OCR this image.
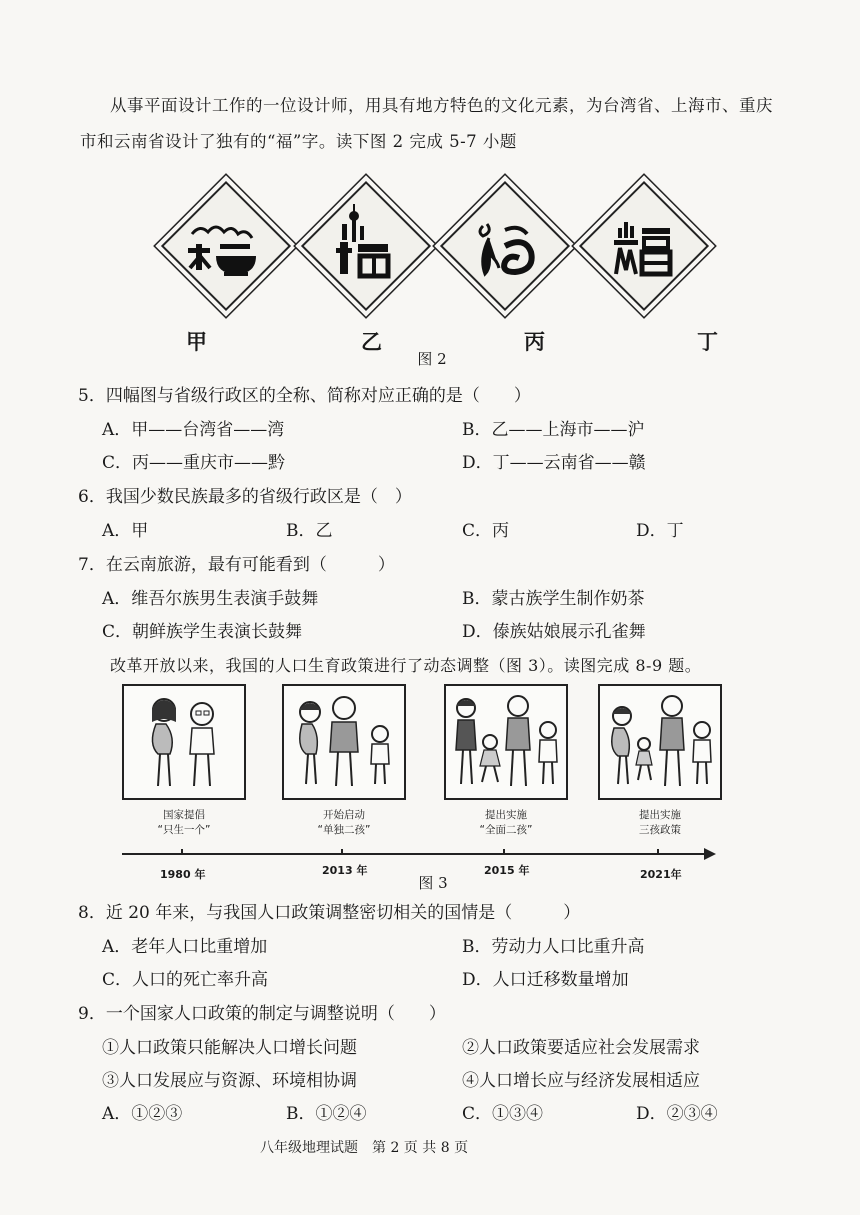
从事平面设计工作的一位设计师，用具有地方特色的文化元素，为台湾省、上海市、重庆
市和云南省设计了独有的“福”字。读下图 2 完成 5-7 小题
甲	乙	丙	丁
图 2
5．四幅图与省级行政区的全称、简称对应正确的是（　　）
A．甲——台湾省——湾	B．乙——上海市——沪
C．丙——重庆市——黔	D．丁——云南省——赣
6．我国少数民族最多的省级行政区是（　）
A．甲	B．乙	C．丙	D．丁
7．在云南旅游，最有可能看到（　　　）
A．维吾尔族男生表演手鼓舞	B．蒙古族学生制作奶茶
C．朝鲜族学生表演长鼓舞	D．傣族姑娘展示孔雀舞
改革开放以来，我国的人口生育政策进行了动态调整（图 3）。读图完成 8-9 题。
国家提倡
“只生一个”
开始启动
“单独二孩”
提出实施
“全面二孩”
提出实施
三孩政策
1980 年	2013 年	2015 年	2021年
图 3
8．近 20 年来，与我国人口政策调整密切相关的国情是（　　　）
A．老年人口比重增加	B．劳动力人口比重升高
C．人口的死亡率升高	D．人口迁移数量增加
9．一个国家人口政策的制定与调整说明（　　）
①人口政策只能解决人口增长问题	②人口政策要适应社会发展需求
③人口发展应与资源、环境相协调	④人口增长应与经济发展相适应
A．①②③	B．①②④	C．①③④	D．②③④
八年级地理试题　第 2 页 共 8 页
